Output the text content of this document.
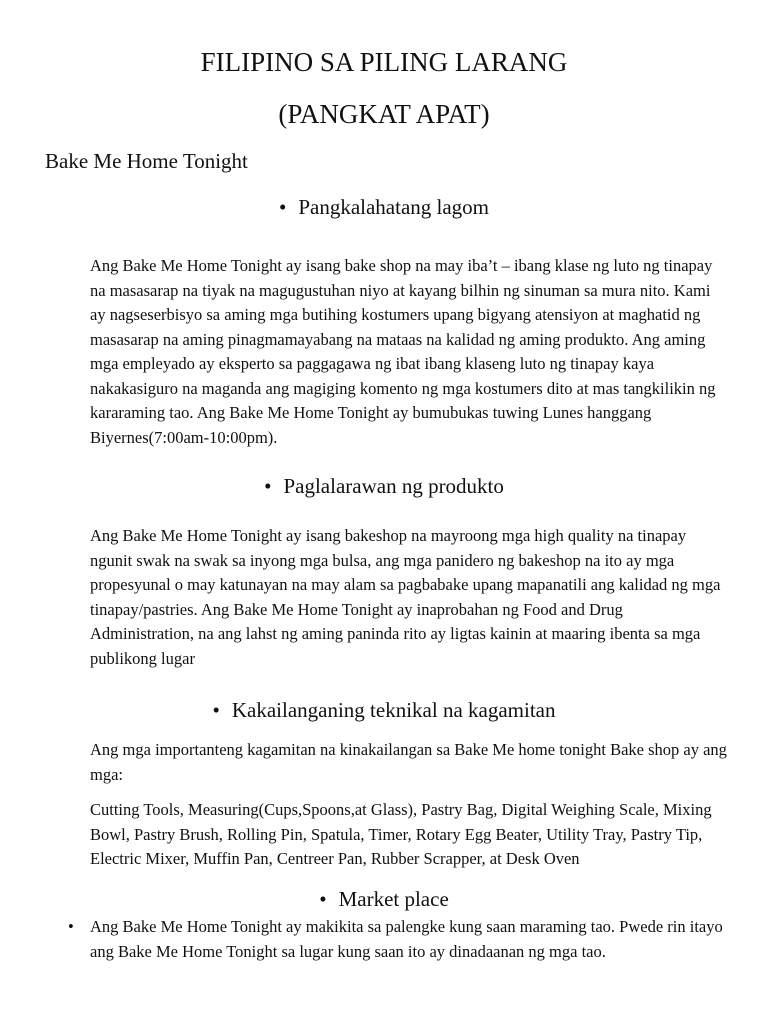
FILIPINO SA PILING LARANG
(PANGKAT APAT)
Bake Me Home Tonight
• Pangkalahatang lagom

Ang Bake Me Home Tonight ay isang bake shop na may iba’t – ibang klase ng luto ng tinapay na masasarap na tiyak na magugustuhan niyo at kayang bilhin ng sinuman sa mura nito. Kami ay nagseserbisyo sa aming mga butihing kostumers upang bigyang atensiyon at maghatid ng masasarap na aming pinagmamayabang na mataas na kalidad ng aming produkto. Ang aming mga empleyado ay eksperto sa paggagawa ng ibat ibang klaseng luto ng tinapay kaya nakakasiguro na maganda ang magiging komento ng mga kostumers dito at mas tangkilikin ng kararaming tao. Ang Bake Me Home Tonight ay bumubukas tuwing Lunes hanggang Biyernes(7:00am-10:00pm).

• Paglalarawan ng produkto

Ang Bake Me Home Tonight ay isang bakeshop na mayroong mga high quality na tinapay ngunit swak na swak sa inyong mga bulsa, ang mga panidero ng bakeshop na ito ay mga propesyunal o may katunayan na may alam sa pagbabake upang mapanatili ang kalidad ng mga tinapay/pastries. Ang Bake Me Home Tonight ay inaprobahan ng Food and Drug Administration, na ang lahst ng aming paninda rito ay ligtas kainin at maaring ibenta sa mga publikong lugar

• Kakailanganing teknikal na kagamitan

Ang mga importanteng kagamitan na kinakailangan sa Bake Me home tonight Bake shop ay ang mga:

Cutting Tools, Measuring(Cups,Spoons,at Glass), Pastry Bag, Digital Weighing Scale, Mixing Bowl, Pastry Brush, Rolling Pin, Spatula, Timer, Rotary Egg Beater, Utility Tray, Pastry Tip, Electric Mixer, Muffin Pan, Centreer Pan, Rubber Scrapper, at Desk Oven

• Market place
• Ang Bake Me Home Tonight ay makikita sa palengke kung saan maraming tao. Pwede rin itayo ang Bake Me Home Tonight sa lugar kung saan ito ay dinadaanan ng mga tao.
